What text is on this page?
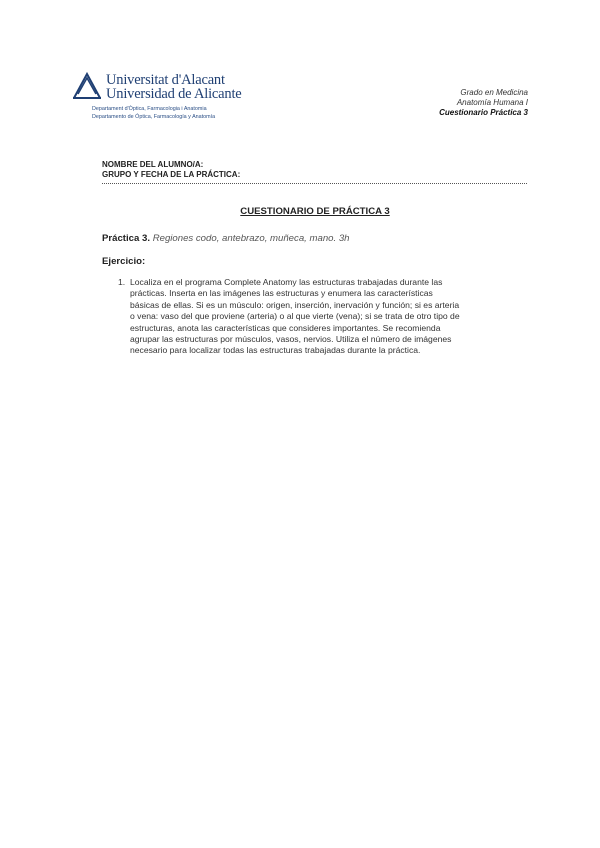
Universitat d'Alacant
Universidad de Alicante
Departament d'Òptica, Farmacologia i Anatomia
Departamento de Óptica, Farmacología y Anatomía
Grado en Medicina
Anatomía Humana I
Cuestionario Práctica 3
NOMBRE DEL ALUMNO/A:
GRUPO Y FECHA DE LA PRÁCTICA:
CUESTIONARIO DE PRÁCTICA 3
Práctica 3. Regiones codo, antebrazo, muñeca, mano. 3h
Ejercicio:
1. Localiza en el programa Complete Anatomy las estructuras trabajadas durante las
prácticas. Inserta en las imágenes las estructuras y enumera las características
básicas de ellas. Si es un músculo: origen, inserción, inervación y función; si es arteria
o vena: vaso del que proviene (arteria) o al que vierte (vena); si se trata de otro tipo de
estructuras, anota las características que consideres importantes. Se recomienda
agrupar las estructuras por músculos, vasos, nervios. Utiliza el número de imágenes
necesario para localizar todas las estructuras trabajadas durante la práctica.
